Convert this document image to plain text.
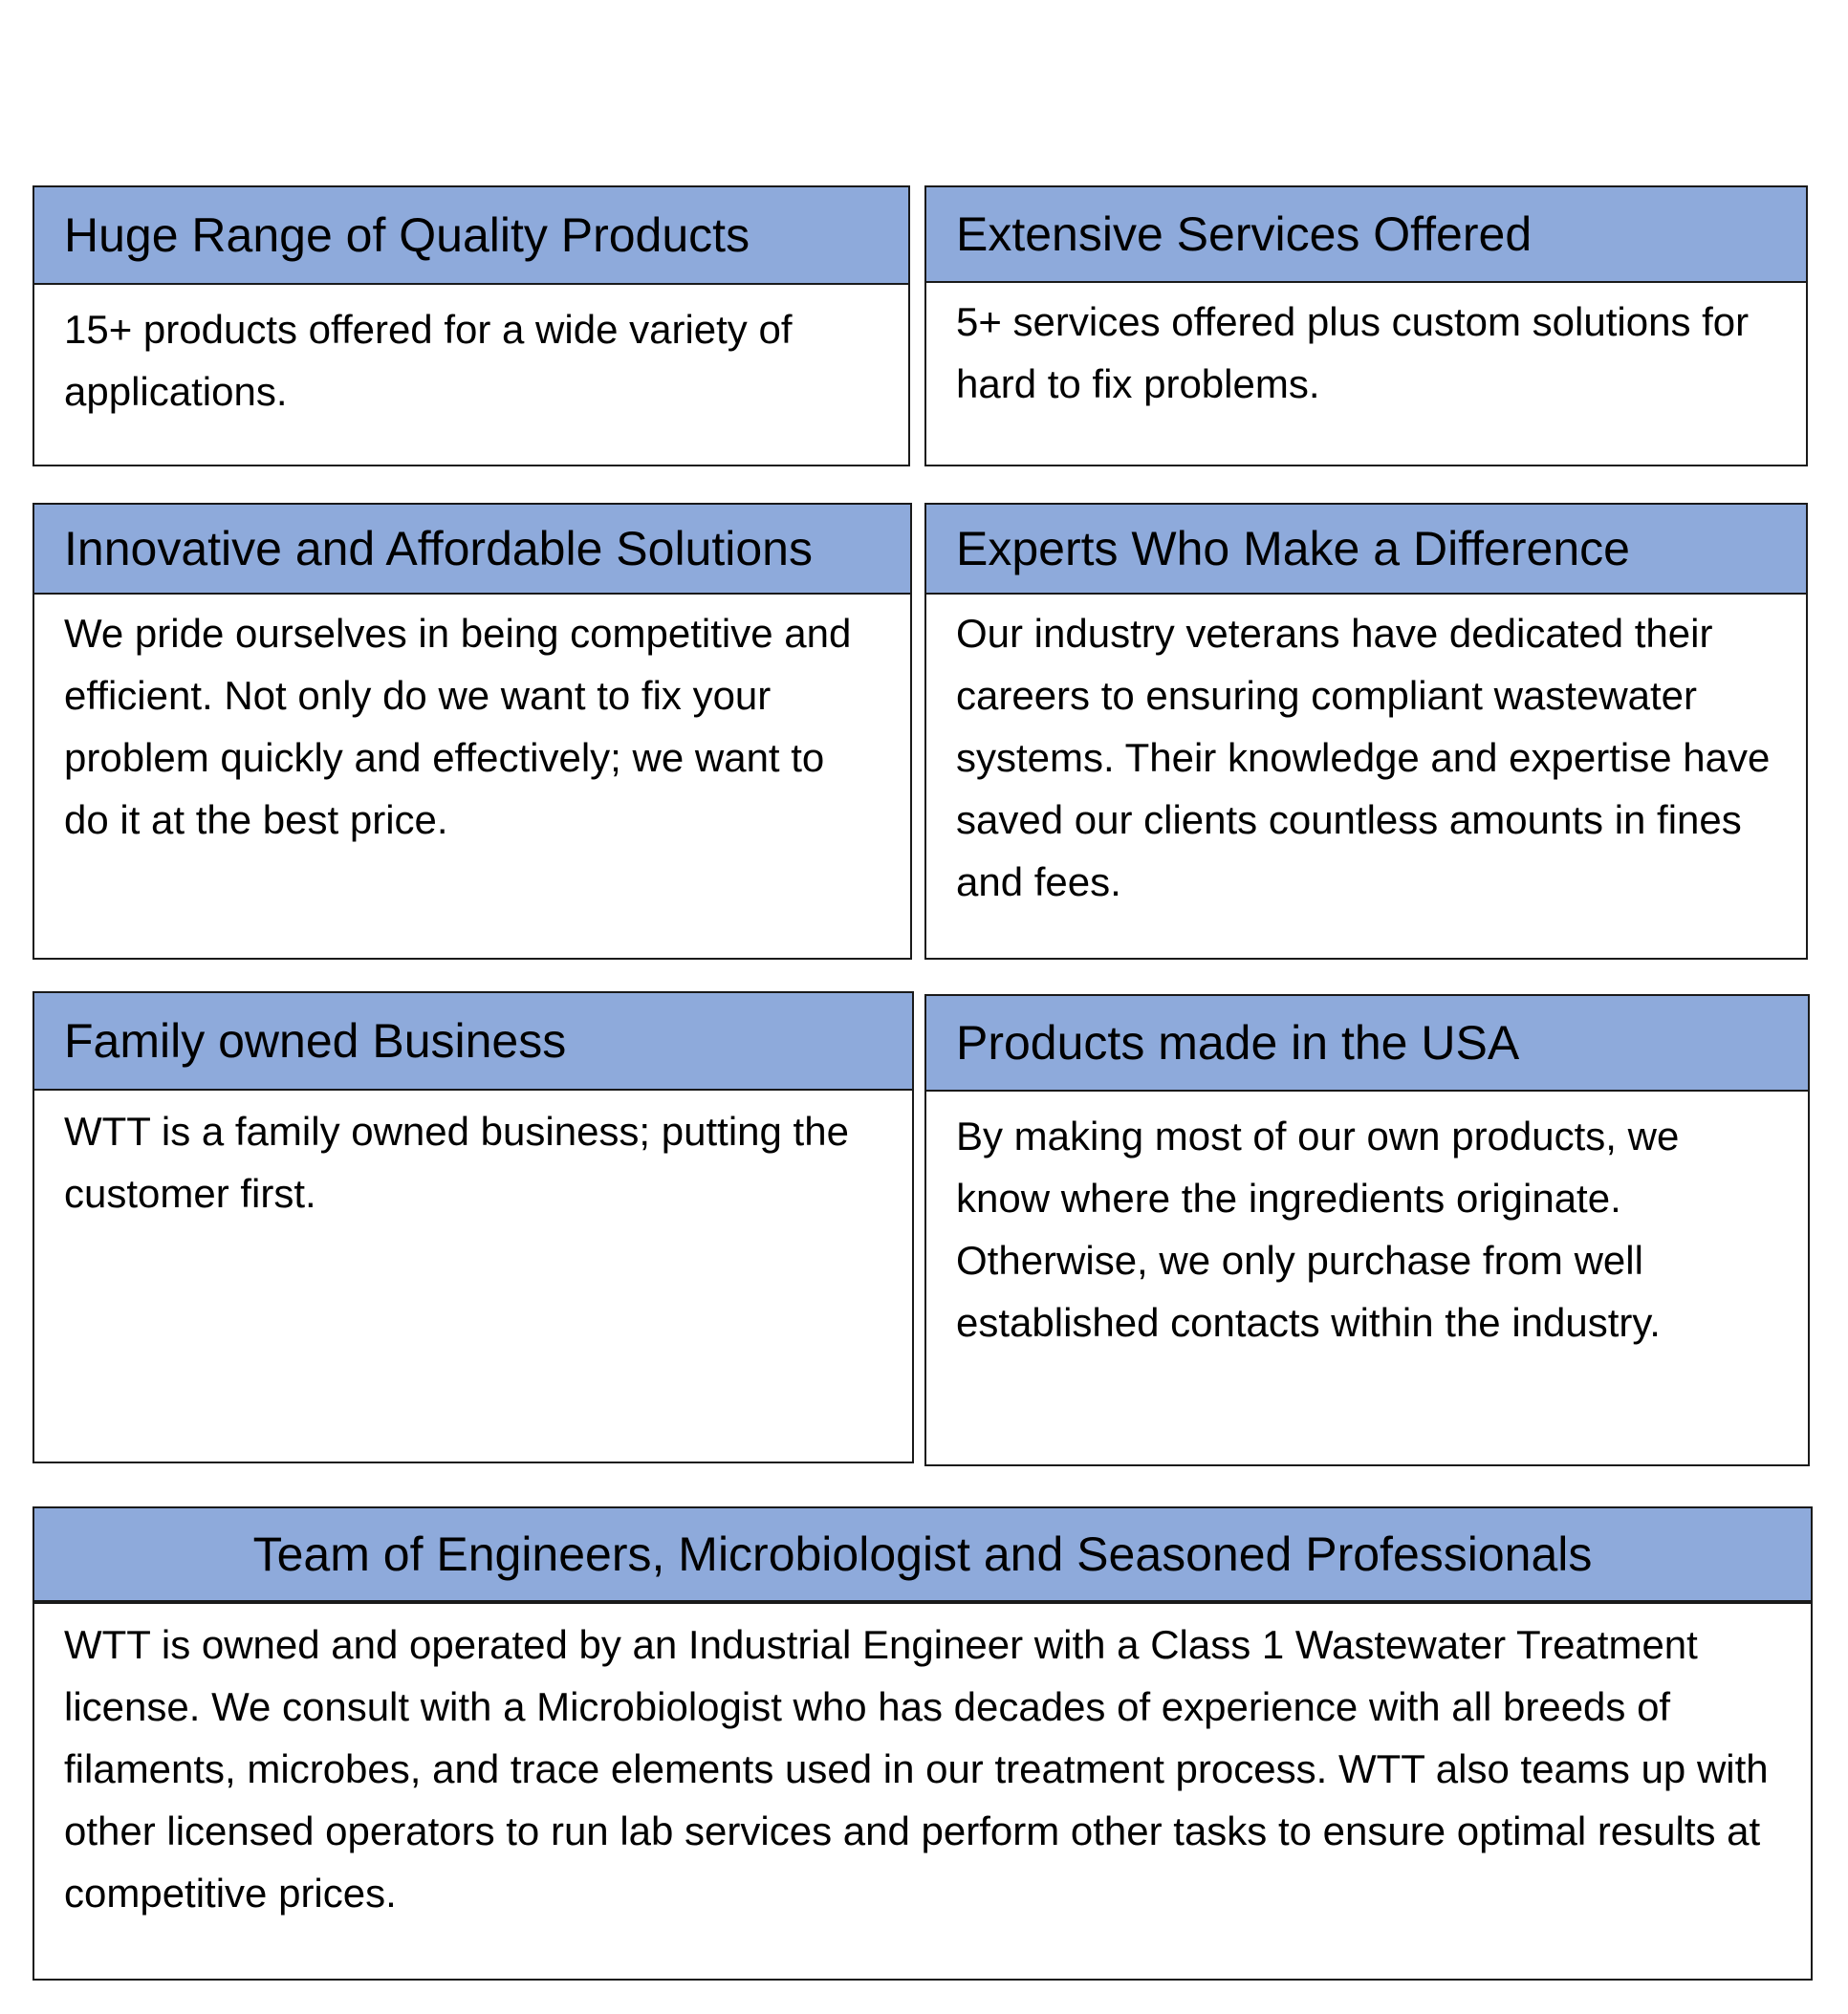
Huge Range of Quality Products
15+ products offered for a wide variety of applications.
Extensive Services Offered
5+ services offered plus custom solutions for hard to fix problems.
Innovative and Affordable Solutions
We pride ourselves in being competitive and efficient. Not only do we want to fix your problem quickly and effectively; we want to do it at the best price.
Experts Who Make a Difference
Our industry veterans have dedicated their careers to ensuring compliant wastewater systems. Their knowledge and expertise have saved our clients countless amounts in fines and fees.
Family owned Business
WTT is a family owned business; putting the customer first.
Products made in the USA
By making most of our own products, we know where the ingredients originate. Otherwise, we only purchase from well established contacts within the industry.
Team of Engineers, Microbiologist and Seasoned Professionals
WTT is owned and operated by an Industrial Engineer with a Class 1 Wastewater Treatment license. We consult with a Microbiologist who has decades of experience with all breeds of filaments, microbes, and trace elements used in our treatment process. WTT also teams up with other licensed operators to run lab services and perform other tasks to ensure optimal results at competitive prices.
